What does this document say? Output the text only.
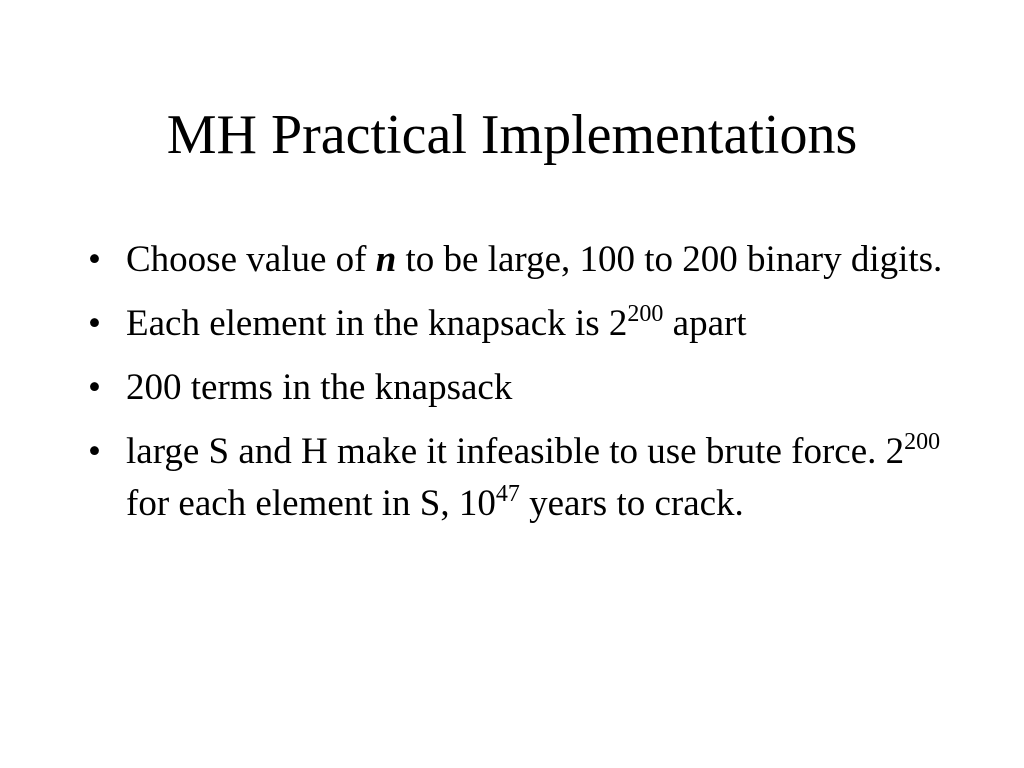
MH Practical Implementations
• Choose value of n to be large, 100 to 200 binary digits.
• Each element in the knapsack is $2^{200}$ apart
• 200 terms in the knapsack
• large S and H make it infeasible to use brute force. $2^{200}$ for each element in S, $10^{47}$ years to crack.
